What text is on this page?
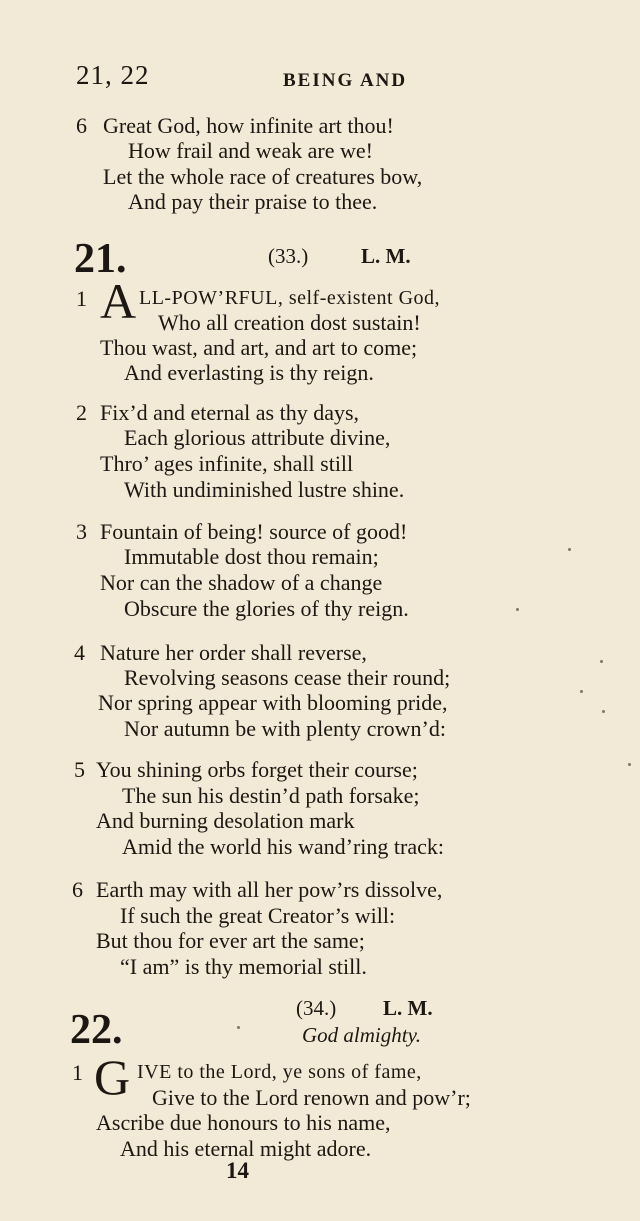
21, 22	BEING AND
6 Great God, how infinite art thou!
How frail and weak are we!
Let the whole race of creatures bow,
And pay their praise to thee.
21.	(33.)	L. M.
1 A LL-POW’RFUL, self-existent God,
Who all creation dost sustain!
Thou wast, and art, and art to come;
And everlasting is thy reign.
2 Fix’d and eternal as thy days,
Each glorious attribute divine,
Thro’ ages infinite, shall still
With undiminished lustre shine.
3 Fountain of being! source of good!
Immutable dost thou remain;
Nor can the shadow of a change
Obscure the glories of thy reign.
4 Nature her order shall reverse,
Revolving seasons cease their round;
Nor spring appear with blooming pride,
Nor autumn be with plenty crown’d:
5 You shining orbs forget their course;
The sun his destin’d path forsake;
And burning desolation mark
Amid the world his wand’ring track:
6 Earth may with all her pow’rs dissolve,
If such the great Creator’s will:
But thou for ever art the same;
“I am” is thy memorial still.
22.	(34.) L. M.
God almighty.
1 G IVE to the Lord, ye sons of fame,
Give to the Lord renown and pow’r;
Ascribe due honours to his name,
And his eternal might adore.
14
